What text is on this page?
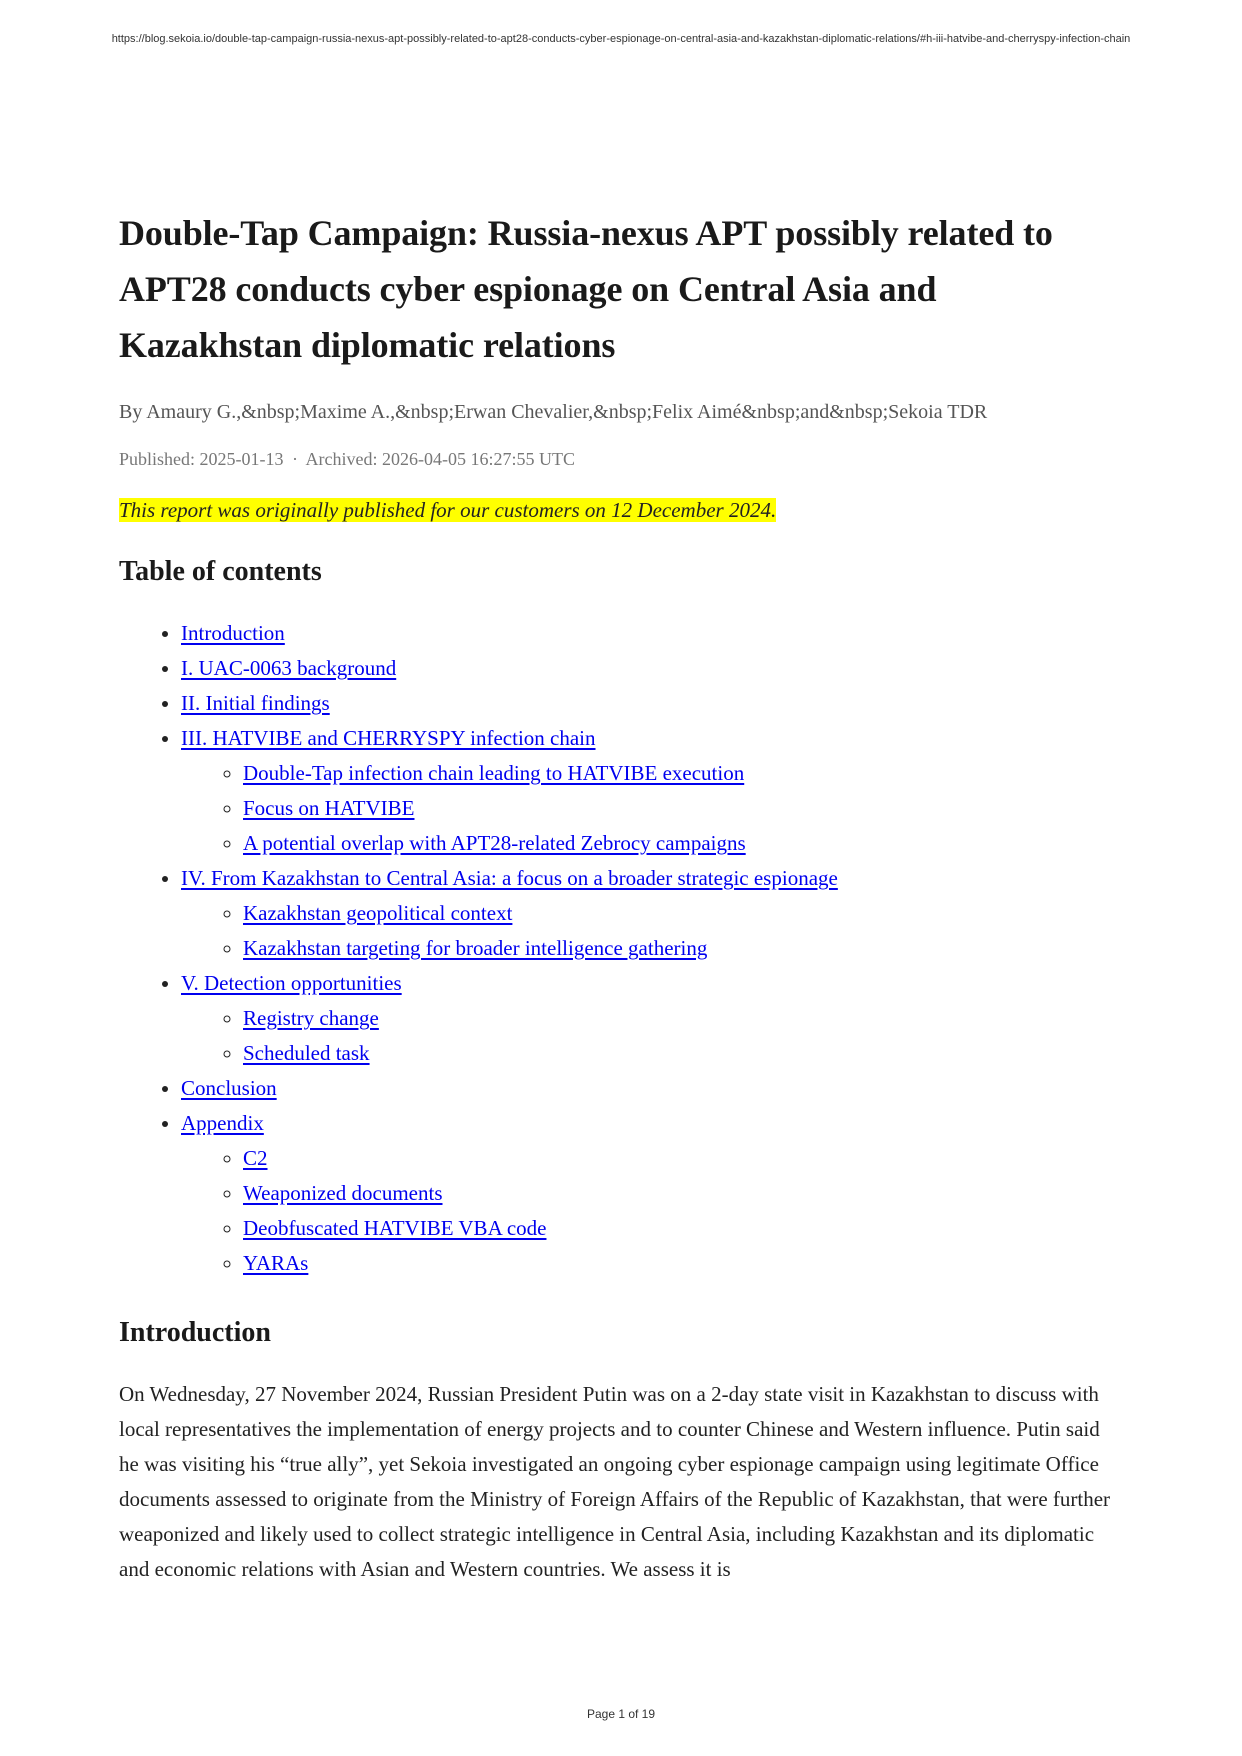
https://blog.sekoia.io/double-tap-campaign-russia-nexus-apt-possibly-related-to-apt28-conducts-cyber-espionage-on-central-asia-and-kazakhstan-diplomatic-relations/#h-iii-hatvibe-and-cherryspy-infection-chain
Double-Tap Campaign: Russia-nexus APT possibly related to APT28 conducts cyber espionage on Central Asia and Kazakhstan diplomatic relations
By Amaury G.,&nbsp;Maxime A.,&nbsp;Erwan Chevalier,&nbsp;Felix Aimé&nbsp;and&nbsp;Sekoia TDR
Published: 2025-01-13 · Archived: 2026-04-05 16:27:55 UTC
This report was originally published for our customers on 12 December 2024.
Table of contents
• Introduction
• I. UAC-0063 background
• II. Initial findings
• III. HATVIBE and CHERRYSPY infection chain
◦ Double-Tap infection chain leading to HATVIBE execution
◦ Focus on HATVIBE
◦ A potential overlap with APT28-related Zebrocy campaigns
• IV. From Kazakhstan to Central Asia: a focus on a broader strategic espionage
◦ Kazakhstan geopolitical context
◦ Kazakhstan targeting for broader intelligence gathering
• V. Detection opportunities
◦ Registry change
◦ Scheduled task
• Conclusion
• Appendix
◦ C2
◦ Weaponized documents
◦ Deobfuscated HATVIBE VBA code
◦ YARAs
Introduction

On Wednesday, 27 November 2024, Russian President Putin was on a 2-day state visit in Kazakhstan to discuss with local representatives the implementation of energy projects and to counter Chinese and Western influence. Putin said he was visiting his “true ally”, yet Sekoia investigated an ongoing cyber espionage campaign using legitimate Office documents assessed to originate from the Ministry of Foreign Affairs of the Republic of Kazakhstan, that were further weaponized and likely used to collect strategic intelligence in Central Asia, including Kazakhstan and its diplomatic and economic relations with Asian and Western countries. We assess it is

Page 1 of 19
